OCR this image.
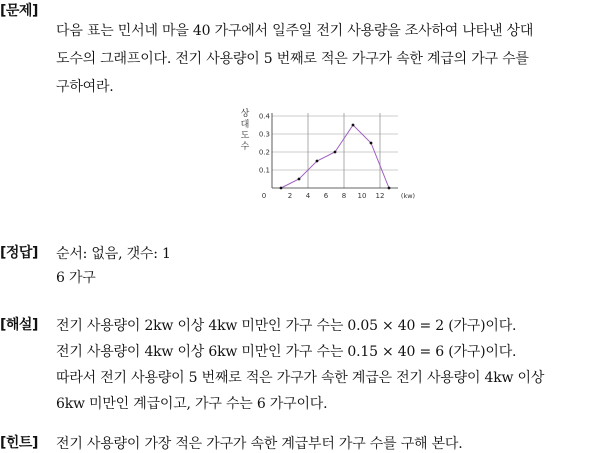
[문제]
다음 표는 민서네 마을 40 가구에서 일주일 전기 사용량을 조사하여 나타낸 상대
도수의 그래프이다. 전기 사용량이 5 번째로 적은 가구가 속한 계급의 가구 수를
구하여라.
2 4 6 8 10 12
0.1
0.2
0.3
0.4
0	(kw)
상
대
도
수
[정답] 순서: 없음, 갯수: 1
6 가구
[해설] 전기 사용량이 2kw 이상 4kw 미만인 가구 수는 0.05 × 40 = 2 (가구)이다.
전기 사용량이 4kw 이상 6kw 미만인 가구 수는 0.15 × 40 = 6 (가구)이다.
따라서 전기 사용량이 5 번째로 적은 가구가 속한 계급은 전기 사용량이 4kw 이상
6kw 미만인 계급이고, 가구 수는 6 가구이다.
[힌트] 전기 사용량이 가장 적은 가구가 속한 계급부터 가구 수를 구해 본다.
